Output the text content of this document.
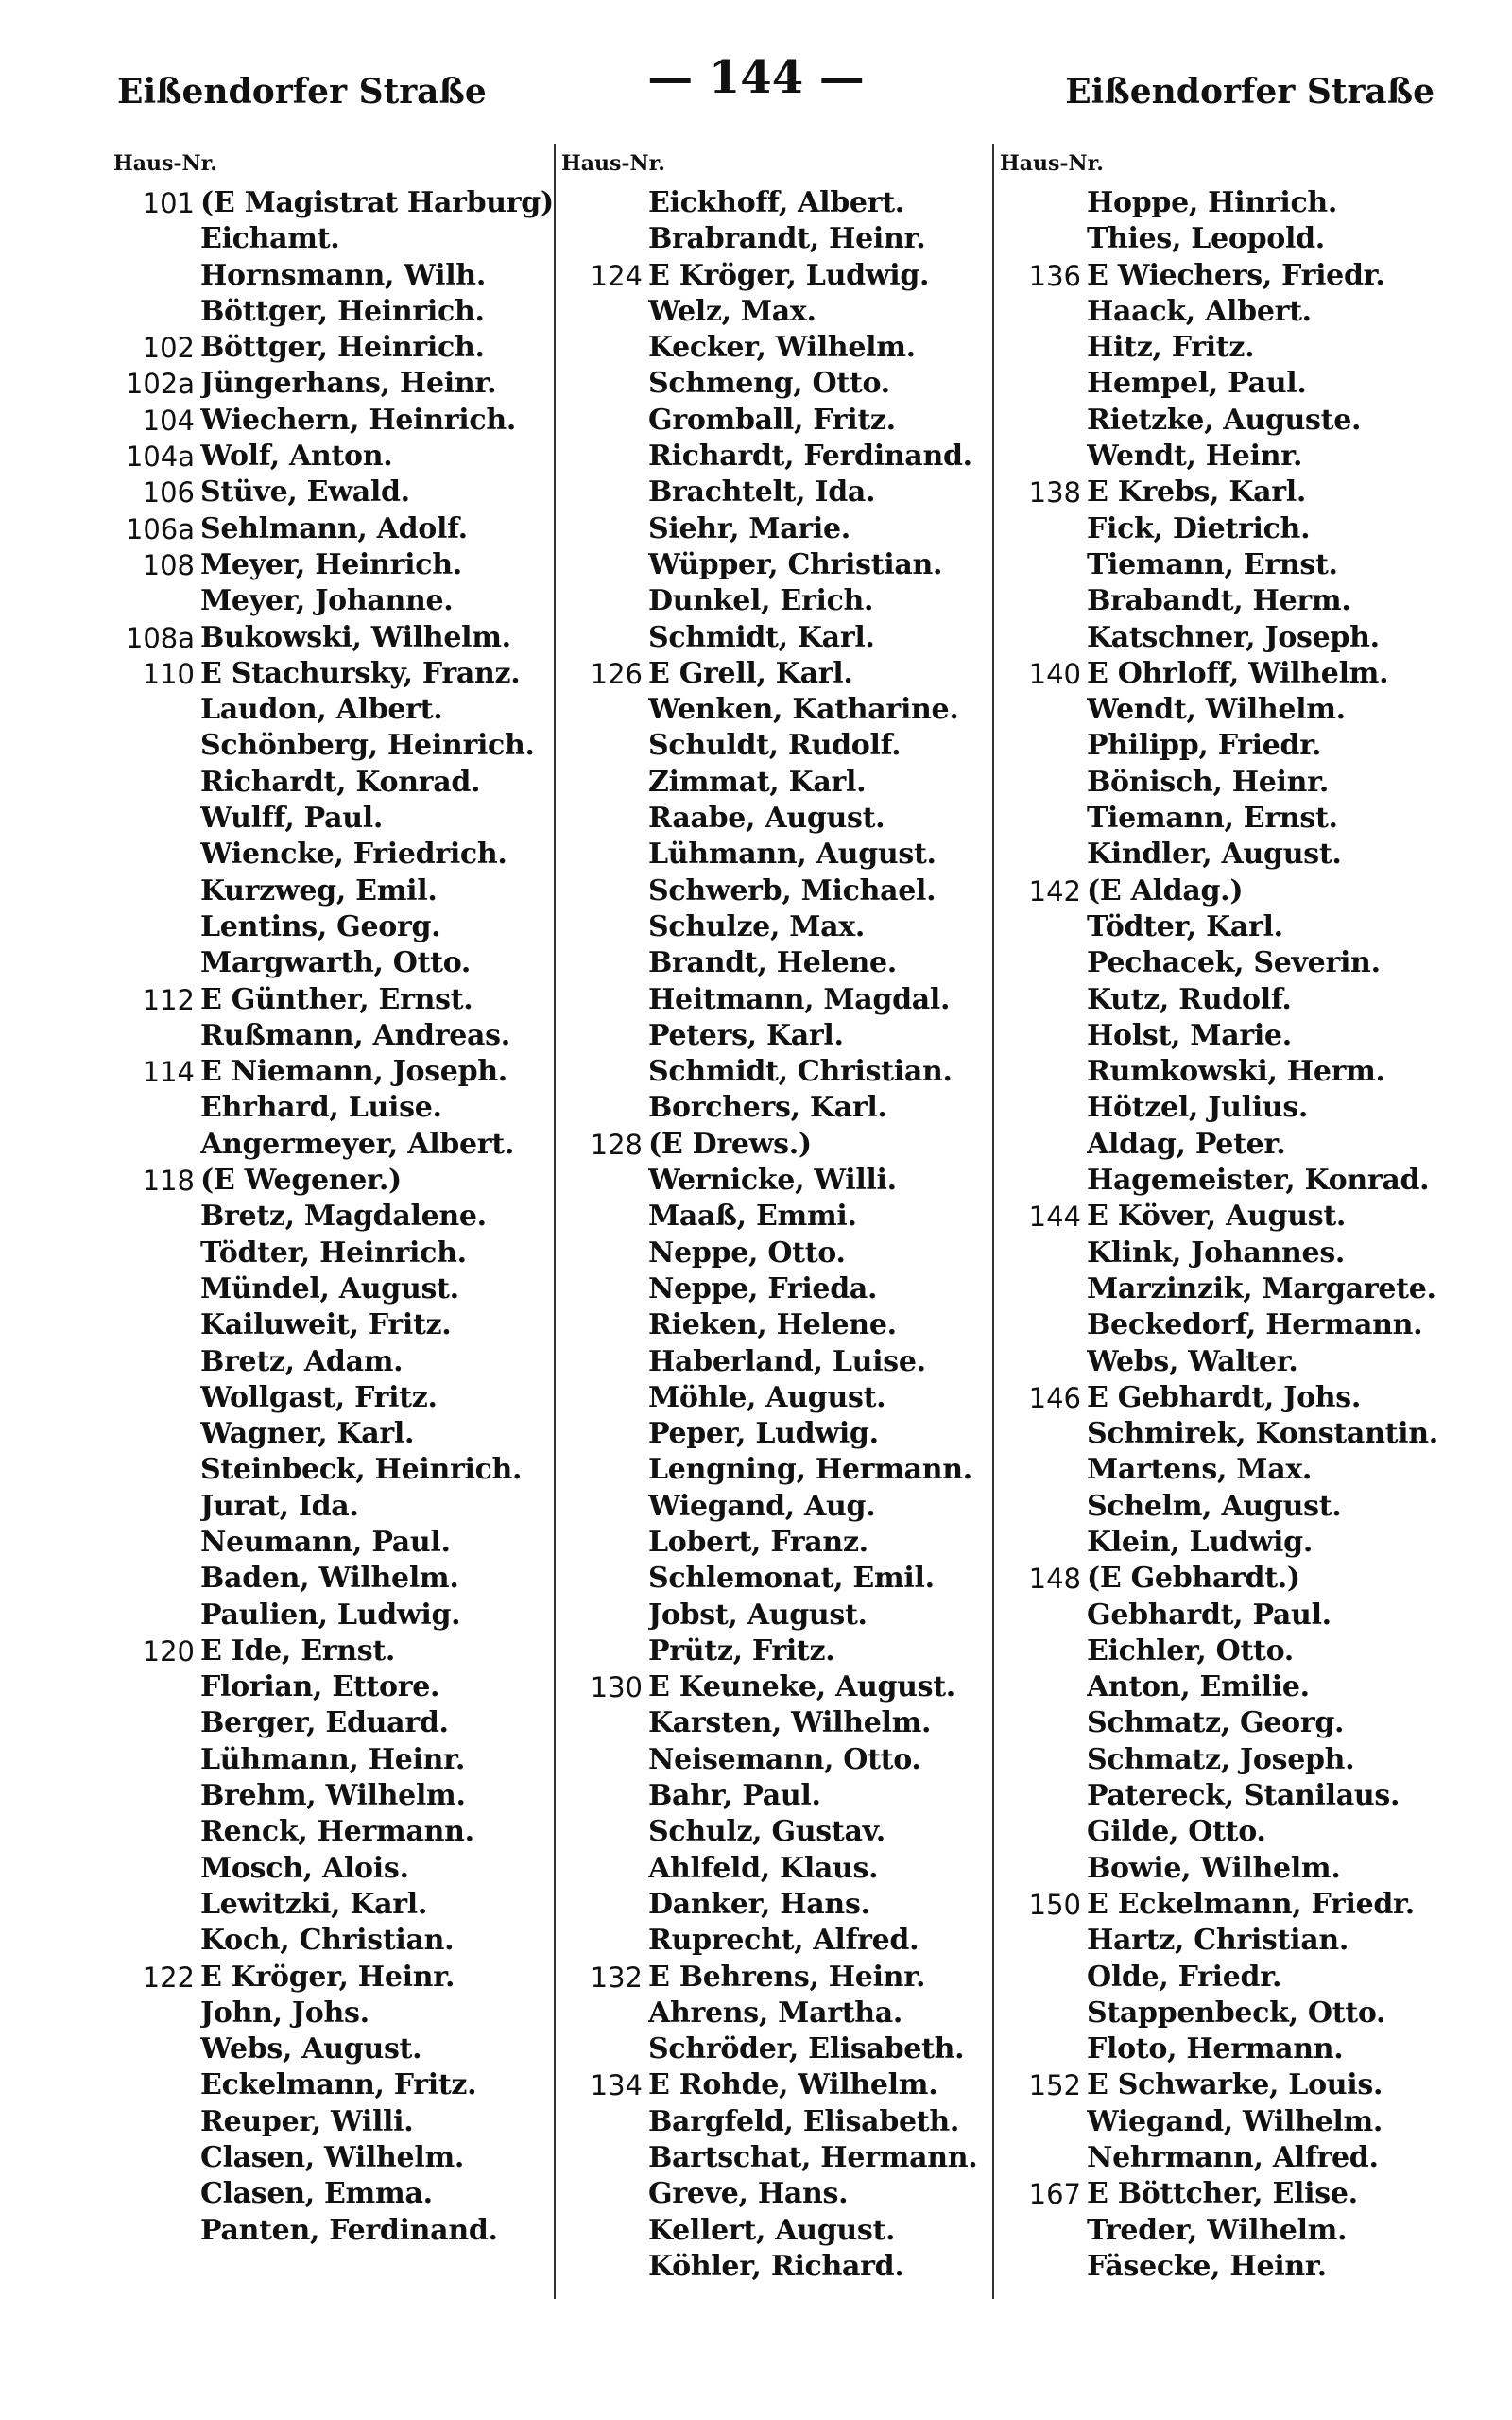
Eißendorfer Straße	— 144 —	Eißendorfer Straße
Haus-Nr.
101 (E Magistrat Harburg)
Eichamt.
Hornsmann, Wilh.
Böttger, Heinrich.
102 Böttger, Heinrich.
102a Jüngerhans, Heinr.
104 Wiechern, Heinrich.
104a Wolf, Anton.
106 Stüve, Ewald.
106a Sehlmann, Adolf.
108 Meyer, Heinrich.
Meyer, Johanne.
108a Bukowski, Wilhelm.
110 E Stachursky, Franz.
Laudon, Albert.
Schönberg, Heinrich.
Richardt, Konrad.
Wulff, Paul.
Wiencke, Friedrich.
Kurzweg, Emil.
Lentins, Georg.
Margwarth, Otto.
112 E Günther, Ernst.
Rußmann, Andreas.
114 E Niemann, Joseph.
Ehrhard, Luise.
Angermeyer, Albert.
118 (E Wegener.)
Bretz, Magdalene.
Tödter, Heinrich.
Mündel, August.
Kailuweit, Fritz.
Bretz, Adam.
Wollgast, Fritz.
Wagner, Karl.
Steinbeck, Heinrich.
Jurat, Ida.
Neumann, Paul.
Baden, Wilhelm.
Paulien, Ludwig.
120 E Ide, Ernst.
Florian, Ettore.
Berger, Eduard.
Lühmann, Heinr.
Brehm, Wilhelm.
Renck, Hermann.
Mosch, Alois.
Lewitzki, Karl.
Koch, Christian.
122 E Kröger, Heinr.
John, Johs.
Webs, August.
Eckelmann, Fritz.
Reuper, Willi.
Clasen, Wilhelm.
Clasen, Emma.
Panten, Ferdinand.
Haus-Nr.
Eickhoff, Albert.
Brabrandt, Heinr.
124 E Kröger, Ludwig.
Welz, Max.
Kecker, Wilhelm.
Schmeng, Otto.
Gromball, Fritz.
Richardt, Ferdinand.
Brachtelt, Ida.
Siehr, Marie.
Wüpper, Christian.
Dunkel, Erich.
Schmidt, Karl.
126 E Grell, Karl.
Wenken, Katharine.
Schuldt, Rudolf.
Zimmat, Karl.
Raabe, August.
Lühmann, August.
Schwerb, Michael.
Schulze, Max.
Brandt, Helene.
Heitmann, Magdal.
Peters, Karl.
Schmidt, Christian.
Borchers, Karl.
128 (E Drews.)
Wernicke, Willi.
Maaß, Emmi.
Neppe, Otto.
Neppe, Frieda.
Rieken, Helene.
Haberland, Luise.
Möhle, August.
Peper, Ludwig.
Lengning, Hermann.
Wiegand, Aug.
Lobert, Franz.
Schlemonat, Emil.
Jobst, August.
Prütz, Fritz.
130 E Keuneke, August.
Karsten, Wilhelm.
Neisemann, Otto.
Bahr, Paul.
Schulz, Gustav.
Ahlfeld, Klaus.
Danker, Hans.
Ruprecht, Alfred.
132 E Behrens, Heinr.
Ahrens, Martha.
Schröder, Elisabeth.
134 E Rohde, Wilhelm.
Bargfeld, Elisabeth.
Bartschat, Hermann.
Greve, Hans.
Kellert, August.
Köhler, Richard.
Haus-Nr.
Hoppe, Hinrich.
Thies, Leopold.
136 E Wiechers, Friedr.
Haack, Albert.
Hitz, Fritz.
Hempel, Paul.
Rietzke, Auguste.
Wendt, Heinr.
138 E Krebs, Karl.
Fick, Dietrich.
Tiemann, Ernst.
Brabandt, Herm.
Katschner, Joseph.
140 E Ohrloff, Wilhelm.
Wendt, Wilhelm.
Philipp, Friedr.
Bönisch, Heinr.
Tiemann, Ernst.
Kindler, August.
142 (E Aldag.)
Tödter, Karl.
Pechacek, Severin.
Kutz, Rudolf.
Holst, Marie.
Rumkowski, Herm.
Hötzel, Julius.
Aldag, Peter.
Hagemeister, Konrad.
144 E Köver, August.
Klink, Johannes.
Marzinzik, Margarete.
Beckedorf, Hermann.
Webs, Walter.
146 E Gebhardt, Johs.
Schmirek, Konstantin.
Martens, Max.
Schelm, August.
Klein, Ludwig.
148 (E Gebhardt.)
Gebhardt, Paul.
Eichler, Otto.
Anton, Emilie.
Schmatz, Georg.
Schmatz, Joseph.
Patereck, Stanilaus.
Gilde, Otto.
Bowie, Wilhelm.
150 E Eckelmann, Friedr.
Hartz, Christian.
Olde, Friedr.
Stappenbeck, Otto.
Floto, Hermann.
152 E Schwarke, Louis.
Wiegand, Wilhelm.
Nehrmann, Alfred.
167 E Böttcher, Elise.
Treder, Wilhelm.
Fäsecke, Heinr.
